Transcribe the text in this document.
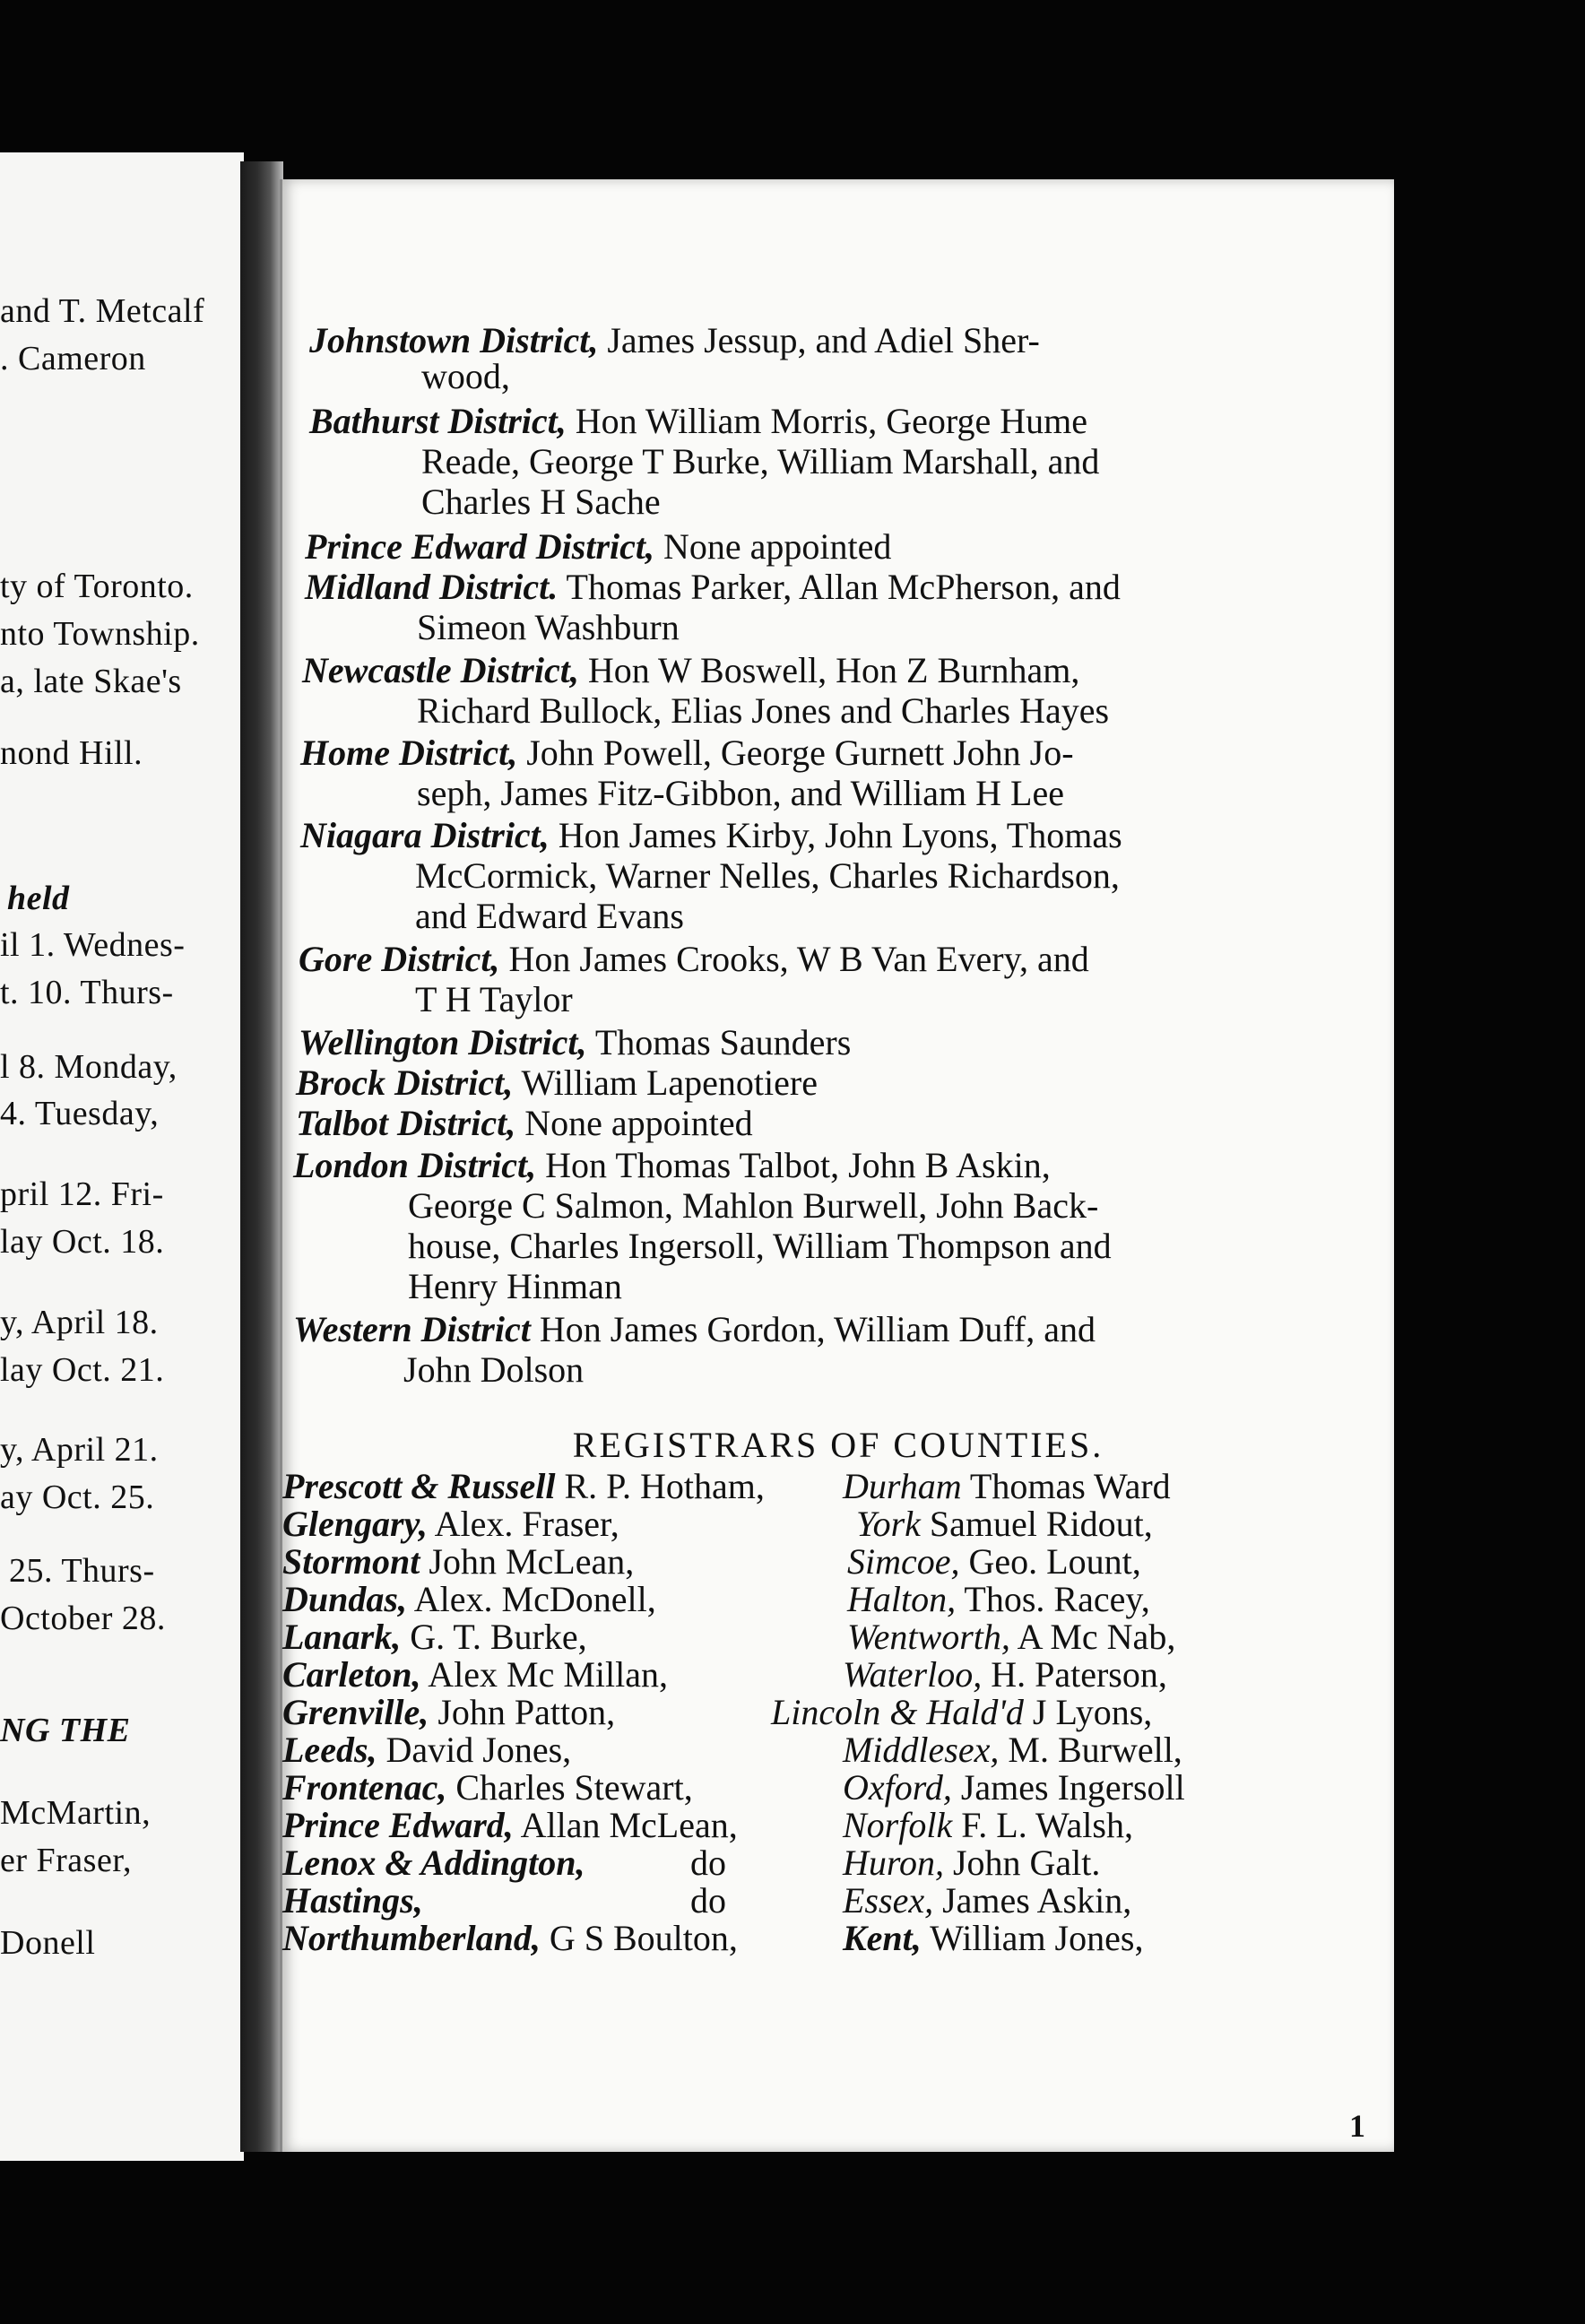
and T. Metcalf
. Cameron
ty of Toronto.
nto Township.
a, late Skae's
nond Hill.
held
il 1. Wednes-
t. 10. Thurs-
l 8. Monday,
4. Tuesday,
pril 12. Fri-
lay Oct. 18.
y, April 18.
lay Oct. 21.
y, April 21.
ay Oct. 25.
25. Thurs-
October 28.
NG THE
McMartin,
er Fraser,
Donell
Johnstown District, James Jessup, and Adiel Sher-
wood,
Bathurst District, Hon William Morris, George Hume
Reade, George T Burke, William Marshall, and
Charles H Sache
Prince Edward District, None appointed
Midland District. Thomas Parker, Allan McPherson, and
Simeon Washburn
Newcastle District, Hon W Boswell, Hon Z Burnham,
Richard Bullock, Elias Jones and Charles Hayes
Home District, John Powell, George Gurnett John Jo-
seph, James Fitz-Gibbon, and William H Lee
Niagara District, Hon James Kirby, John Lyons, Thomas
McCormick, Warner Nelles, Charles Richardson,
and Edward Evans
Gore District, Hon James Crooks, W B Van Every, and
T H Taylor
Wellington District, Thomas Saunders
Brock District, William Lapenotiere
Talbot District, None appointed
London District, Hon Thomas Talbot, John B Askin,
George C Salmon, Mahlon Burwell, John Back-
house, Charles Ingersoll, William Thompson and
Henry Hinman
Western District Hon James Gordon, William Duff, and
John Dolson
REGISTRARS OF COUNTIES.
Prescott & Russell R. P. Hotham,
Glengary, Alex. Fraser,
Stormont John McLean,
Dundas, Alex. McDonell,
Lanark, G. T. Burke,
Carleton, Alex Mc Millan,
Grenville, John Patton,
Leeds, David Jones,
Frontenac, Charles Stewart,
Prince Edward, Allan McLean,
Lenox & Addington,	do
Hastings,	do
Northumberland, G S Boulton,
Durham Thomas Ward
York Samuel Ridout,
Simcoe, Geo. Lount,
Halton, Thos. Racey,
Wentworth, A Mc Nab,
Waterloo, H. Paterson,
Lincoln & Hald'd J Lyons,
Middlesex, M. Burwell,
Oxford, James Ingersoll
Norfolk F. L. Walsh,
Huron, John Galt.
Essex, James Askin,
Kent, William Jones,
1
